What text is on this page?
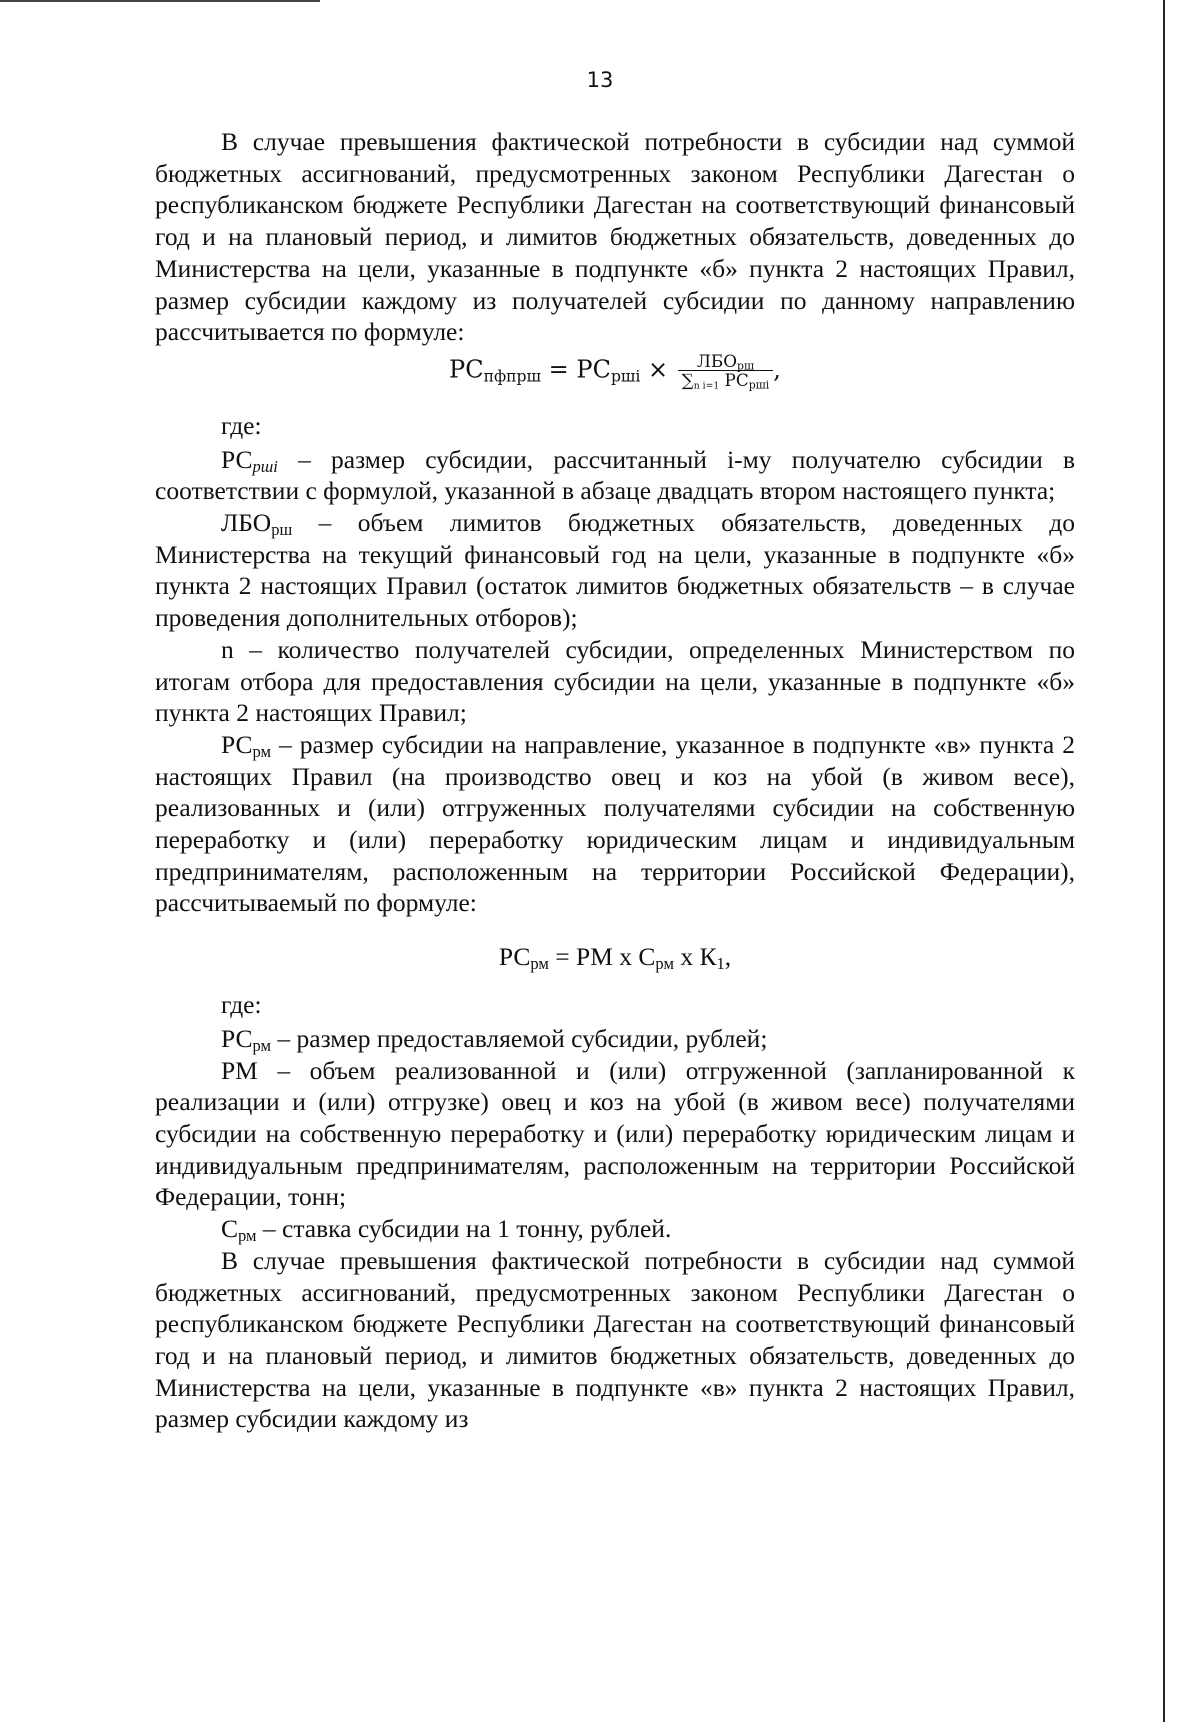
13

В случае превышения фактической потребности в субсидии над суммой бюджетных ассигнований, предусмотренных законом Республики Дагестан о республиканском бюджете Республики Дагестан на соответствующий финансовый год и на плановый период, и лимитов бюджетных обязательств, доведенных до Министерства на цели, указанные в подпункте «б» пункта 2 настоящих Правил, размер субсидии каждому из получателей субсидии по данному направлению рассчитывается по формуле:

$РС_{пфпрш} = РС_{рші} \times \frac{ЛБО_{рш}}{\sum_{n i=1} РС_{рші}}$ ,

где:

$РС_{ршi}$ – размер субсидии, рассчитанный i-му получателю субсидии в соответствии с формулой, указанной в абзаце двадцать втором настоящего пункта;

$ЛБО_{рш}$ – объем лимитов бюджетных обязательств, доведенных до Министерства на текущий финансовый год на цели, указанные в подпункте «б» пункта 2 настоящих Правил (остаток лимитов бюджетных обязательств – в случае проведения дополнительных отборов);

n – количество получателей субсидии, определенных Министерством по итогам отбора для предоставления субсидии на цели, указанные в подпункте «б» пункта 2 настоящих Правил;

$РС_{рм}$ – размер субсидии на направление, указанное в подпункте «в» пункта 2 настоящих Правил (на производство овец и коз на убой (в живом весе), реализованных и (или) отгруженных получателями субсидии на собственную переработку и (или) переработку юридическим лицам и индивидуальным предпринимателям, расположенным на территории Российской Федерации), рассчитываемый по формуле:

$РС_{рм}$ = РМ х $С_{рм}$ х $К_1$,

где:

$РС_{рм}$ – размер предоставляемой субсидии, рублей;

РМ – объем реализованной и (или) отгруженной (запланированной к реализации и (или) отгрузке) овец и коз на убой (в живом весе) получателями субсидии на собственную переработку и (или) переработку юридическим лицам и индивидуальным предпринимателям, расположенным на территории Российской Федерации, тонн;

$С_{рм}$ – ставка субсидии на 1 тонну, рублей.

В случае превышения фактической потребности в субсидии над суммой бюджетных ассигнований, предусмотренных законом Республики Дагестан о республиканском бюджете Республики Дагестан на соответствующий финансовый год и на плановый период, и лимитов бюджетных обязательств, доведенных до Министерства на цели, указанные в подпункте «в» пункта 2 настоящих Правил, размер субсидии каждому из
